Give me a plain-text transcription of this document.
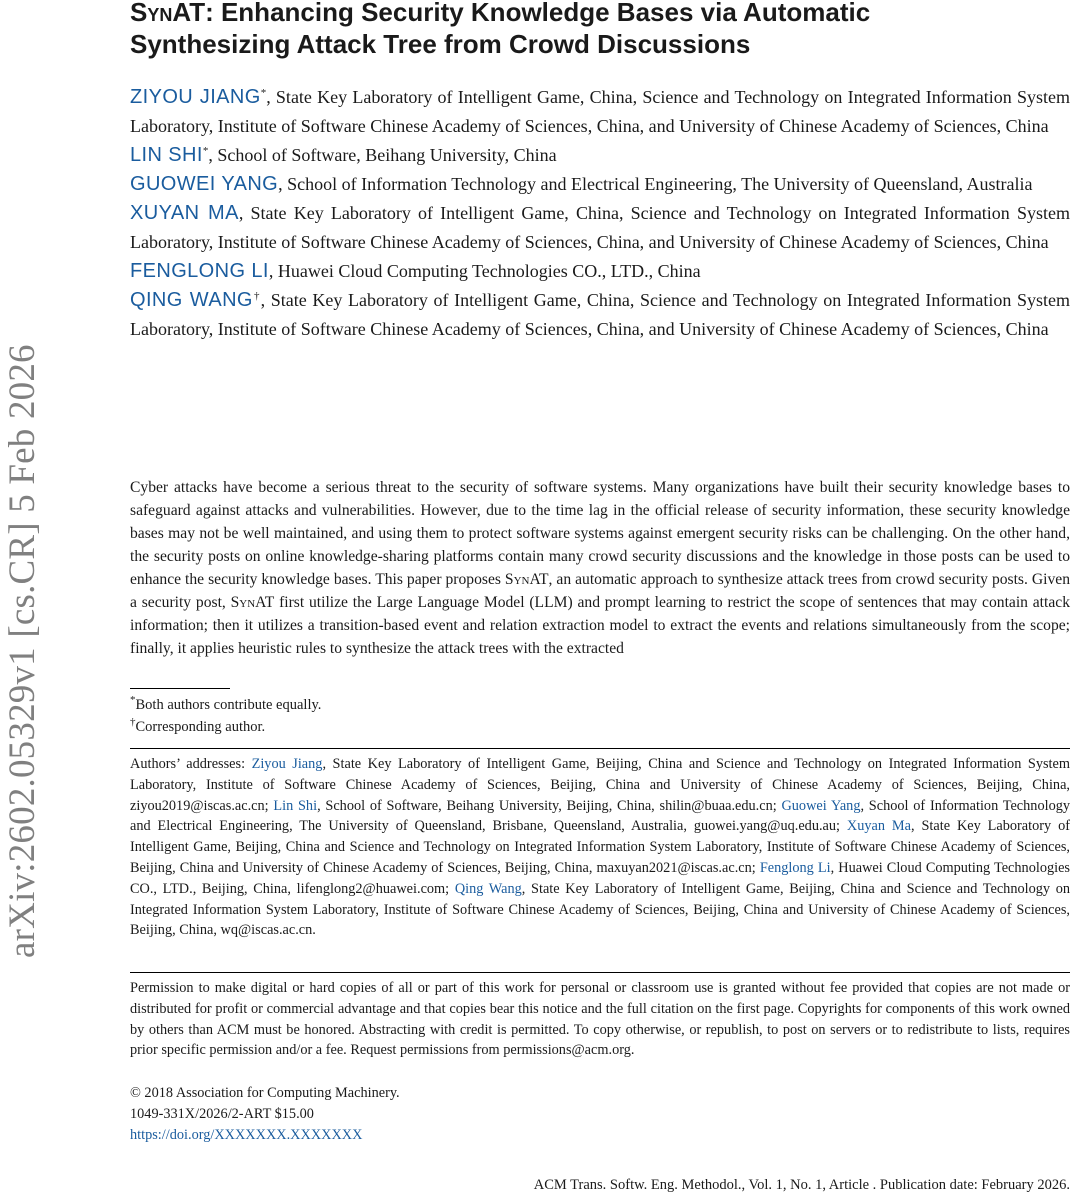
arXiv:2602.05329v1 [cs.CR] 5 Feb 2026
SynAT: Enhancing Security Knowledge Bases via Automatic
Synthesizing Attack Tree from Crowd Discussions

ZIYOU JIANG*, State Key Laboratory of Intelligent Game, China, Science and Technology on Integrated Information System Laboratory, Institute of Software Chinese Academy of Sciences, China, and University of Chinese Academy of Sciences, China

LIN SHI*, School of Software, Beihang University, China

GUOWEI YANG, School of Information Technology and Electrical Engineering, The University of Queensland, Australia

XUYAN MA, State Key Laboratory of Intelligent Game, China, Science and Technology on Integrated Information System Laboratory, Institute of Software Chinese Academy of Sciences, China, and University of Chinese Academy of Sciences, China

FENGLONG LI, Huawei Cloud Computing Technologies CO., LTD., China

QING WANG†, State Key Laboratory of Intelligent Game, China, Science and Technology on Integrated Information System Laboratory, Institute of Software Chinese Academy of Sciences, China, and University of Chinese Academy of Sciences, China

Cyber attacks have become a serious threat to the security of software systems. Many organizations have built their security knowledge bases to safeguard against attacks and vulnerabilities. However, due to the time lag in the official release of security information, these security knowledge bases may not be well maintained, and using them to protect software systems against emergent security risks can be challenging. On the other hand, the security posts on online knowledge-sharing platforms contain many crowd security discussions and the knowledge in those posts can be used to enhance the security knowledge bases. This paper proposes SynAT, an automatic approach to synthesize attack trees from crowd security posts. Given a security post, SynAT first utilize the Large Language Model (LLM) and prompt learning to restrict the scope of sentences that may contain attack information; then it utilizes a transition-based event and relation extraction model to extract the events and relations simultaneously from the scope; finally, it applies heuristic rules to synthesize the attack trees with the extracted

*Both authors contribute equally.

†Corresponding author.

Authors’ addresses: Ziyou Jiang, State Key Laboratory of Intelligent Game, Beijing, China and Science and Technology on Integrated Information System Laboratory, Institute of Software Chinese Academy of Sciences, Beijing, China and University of Chinese Academy of Sciences, Beijing, China, ziyou2019@iscas.ac.cn; Lin Shi, School of Software, Beihang University, Beijing, China, shilin@buaa.edu.cn; Guowei Yang, School of Information Technology and Electrical Engineering, The University of Queensland, Brisbane, Queensland, Australia, guowei.yang@uq.edu.au; Xuyan Ma, State Key Laboratory of Intelligent Game, Beijing, China and Science and Technology on Integrated Information System Laboratory, Institute of Software Chinese Academy of Sciences, Beijing, China and University of Chinese Academy of Sciences, Beijing, China, maxuyan2021@iscas.ac.cn; Fenglong Li, Huawei Cloud Computing Technologies CO., LTD., Beijing, China, lifenglong2@huawei.com; Qing Wang, State Key Laboratory of Intelligent Game, Beijing, China and Science and Technology on Integrated Information System Laboratory, Institute of Software Chinese Academy of Sciences, Beijing, China and University of Chinese Academy of Sciences, Beijing, China, wq@iscas.ac.cn.

Permission to make digital or hard copies of all or part of this work for personal or classroom use is granted without fee provided that copies are not made or distributed for profit or commercial advantage and that copies bear this notice and the full citation on the first page. Copyrights for components of this work owned by others than ACM must be honored. Abstracting with credit is permitted. To copy otherwise, or republish, to post on servers or to redistribute to lists, requires prior specific permission and/or a fee. Request permissions from permissions@acm.org.

© 2018 Association for Computing Machinery.
1049-331X/2026/2-ART $15.00
https://doi.org/XXXXXXX.XXXXXXX
ACM Trans. Softw. Eng. Methodol., Vol. 1, No. 1, Article . Publication date: February 2026.
